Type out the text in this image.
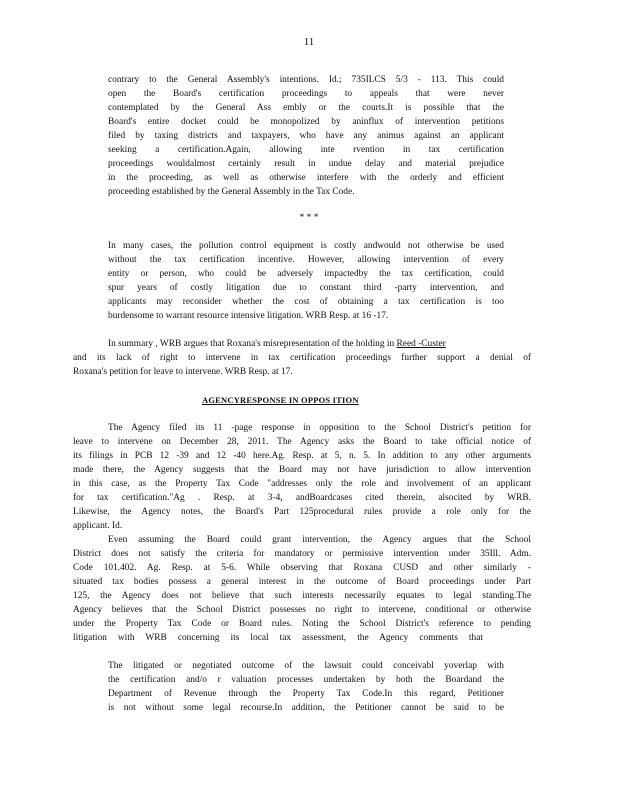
11
contrary to the General Assembly's intentions. Id.; 735ILCS 5/3 - 113. This could
open the Board's certification proceedings to appeals that were never
contemplated by the General Ass embly or the courts.It is possible that the
Board's entire docket could be monopolized by aninflux of intervention petitions
filed by taxing districts and taxpayers, who have any animus against an applicant
seeking a certification.Again, allowing inte rvention in tax certification
proceedings wouldalmost certainly result in undue delay and material prejudice
in the proceeding, as well as otherwise interfere with the orderly and efficient
proceeding established by the General Assembly in the Tax Code.
* * *
In many cases, the pollution control equipment is costly andwould not otherwise be used
without the tax certification incentive. However, allowing intervention of every
entity or person, who could be adversely impactedby the tax certification, could
spur years of costly litigation due to constant third -party intervention, and
applicants may reconsider whether the cost of obtaining a tax certification is too
burdensome to warrant resource intensive litigation. WRB Resp. at 16 -17.
In summary , WRB argues that Roxana's misrepresentation of the holding in Reed -Custer
and its lack of right to intervene in tax certification proceedings further support a denial of
Roxana's petition for leave to intervene. WRB Resp. at 17.
AGENCYRESPONSE IN OPPOS ITION
The Agency filed its 11 -page response in opposition to the School District's petition for
leave to intervene on December 28, 2011. The Agency asks the Board to take official notice of
its filings in PCB 12 -39 and 12 -40 here.Ag. Resp. at 5, n. 5. In addition to any other arguments
made there, the Agency suggests that the Board may not have jurisdiction to allow intervention
in this case, as the Property Tax Code "addresses only the role and involvement of an applicant
for tax certification."Ag . Resp. at 3-4, andBoardcases cited therein, alsocited by WRB.
Likewise, the Agency notes, the Board's Part 125procedural rules provide a role only for the
applicant. Id.
Even assuming the Board could grant intervention, the Agency argues that the School
District does not satisfy the criteria for mandatory or permissive intervention under 35Ill. Adm.
Code 101.402. Ag. Resp. at 5-6. While observing that Roxana CUSD and other similarly -
situated tax bodies possess a general interest in the outcome of Board proceedings under Part
125, the Agency does not believe that such interests necessarily equates to legal standing.The
Agency believes that the School District possesses no right to intervene, conditional or otherwise
under the Property Tax Code or Board rules. Noting the School District's reference to pending
litigation with WRB concerning its local tax assessment, the Agency comments that
The litigated or negotiated outcome of the lawsuit could conceivabl yoverlap with
the certification and/o r valuation processes undertaken by both the Boardand the
Department of Revenue through the Property Tax Code.In this regard, Petitioner
is not without some legal recourse.In addition, the Petitioner cannot be said to be
